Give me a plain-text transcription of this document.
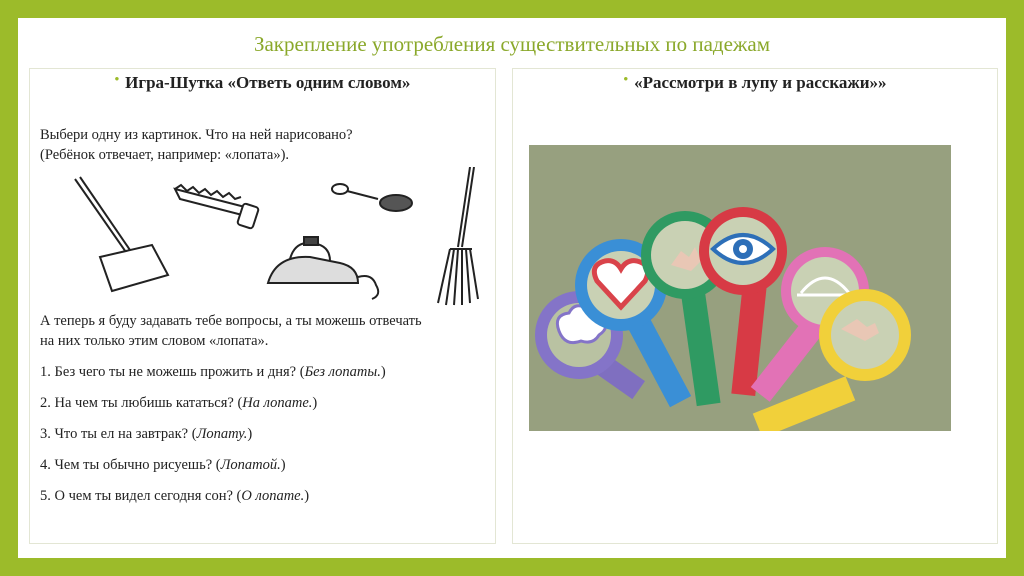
Закрепление употребления существительных по падежам
• Игра-Шутка «Ответь одним словом»
Выбери одну из картинок. Что на ней нарисовано?
(Ребёнок отвечает, например: «лопата»).
А теперь я буду задавать тебе вопросы, а ты можешь отвечать
на них только этим словом «лопата».
1. Без чего ты не можешь прожить и дня? (Без лопаты.)
2. На чем ты любишь кататься? (На лопате.)
3. Что ты ел на завтрак? (Лопату.)
4. Чем ты обычно рисуешь? (Лопатой.)
5. О чем ты видел сегодня сон? (О лопате.)
• «Рассмотри в лупу и расскажи»»
